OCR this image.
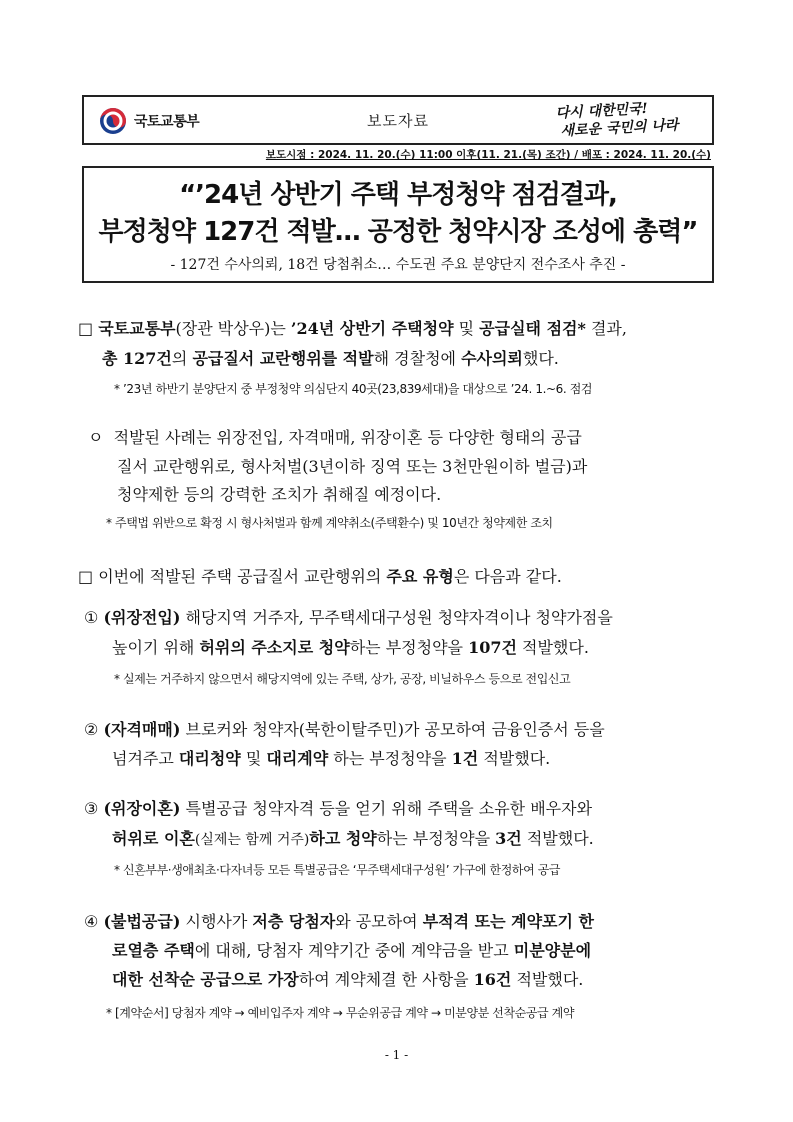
국토교통부	보도자료	다시 대한민국!
새로운 국민의 나라
보도시점 : 2024. 11. 20.(수) 11:00 이후(11. 21.(목) 조간) / 배포 : 2024. 11. 20.(수)
“’24년 상반기 주택 부정청약 점검결과,
부정청약 127건 적발… 공정한 청약시장 조성에 총력”
- 127건 수사의뢰, 18건 당첨취소… 수도권 주요 분양단지 전수조사 추진 -
□ 국토교통부(장관 박상우)는 ’24년 상반기 주택청약 및 공급실태 점검* 결과,
총 127건의 공급질서 교란행위를 적발해 경찰청에 수사의뢰했다.
* ’23년 하반기 분양단지 중 부정청약 의심단지 40곳(23,839세대)을 대상으로 ’24. 1.~6. 점검
ㅇ 적발된 사례는 위장전입, 자격매매, 위장이혼 등 다양한 형태의 공급
질서 교란행위로, 형사처벌(3년이하 징역 또는 3천만원이하 벌금)과
청약제한 등의 강력한 조치가 취해질 예정이다.
* 주택법 위반으로 확정 시 형사처벌과 함께 계약취소(주택환수) 및 10년간 청약제한 조치
□ 이번에 적발된 주택 공급질서 교란행위의 주요 유형은 다음과 같다.
① (위장전입) 해당지역 거주자, 무주택세대구성원 청약자격이나 청약가점을
높이기 위해 허위의 주소지로 청약하는 부정청약을 107건 적발했다.
* 실제는 거주하지 않으면서 해당지역에 있는 주택, 상가, 공장, 비닐하우스 등으로 전입신고
② (자격매매) 브로커와 청약자(북한이탈주민)가 공모하여 금융인증서 등을
넘겨주고 대리청약 및 대리계약 하는 부정청약을 1건 적발했다.
③ (위장이혼) 특별공급 청약자격 등을 얻기 위해 주택을 소유한 배우자와
허위로 이혼(실제는 함께 거주)하고 청약하는 부정청약을 3건 적발했다.
* 신혼부부·생애최초·다자녀등 모든 특별공급은 ‘무주택세대구성원’ 가구에 한정하여 공급
④ (불법공급) 시행사가 저층 당첨자와 공모하여 부적격 또는 계약포기 한
로열층 주택에 대해, 당첨자 계약기간 중에 계약금을 받고 미분양분에
대한 선착순 공급으로 가장하여 계약체결 한 사항을 16건 적발했다.
* [계약순서] 당첨자 계약 → 예비입주자 계약 → 무순위공급 계약 → 미분양분 선착순공급 계약
- 1 -
